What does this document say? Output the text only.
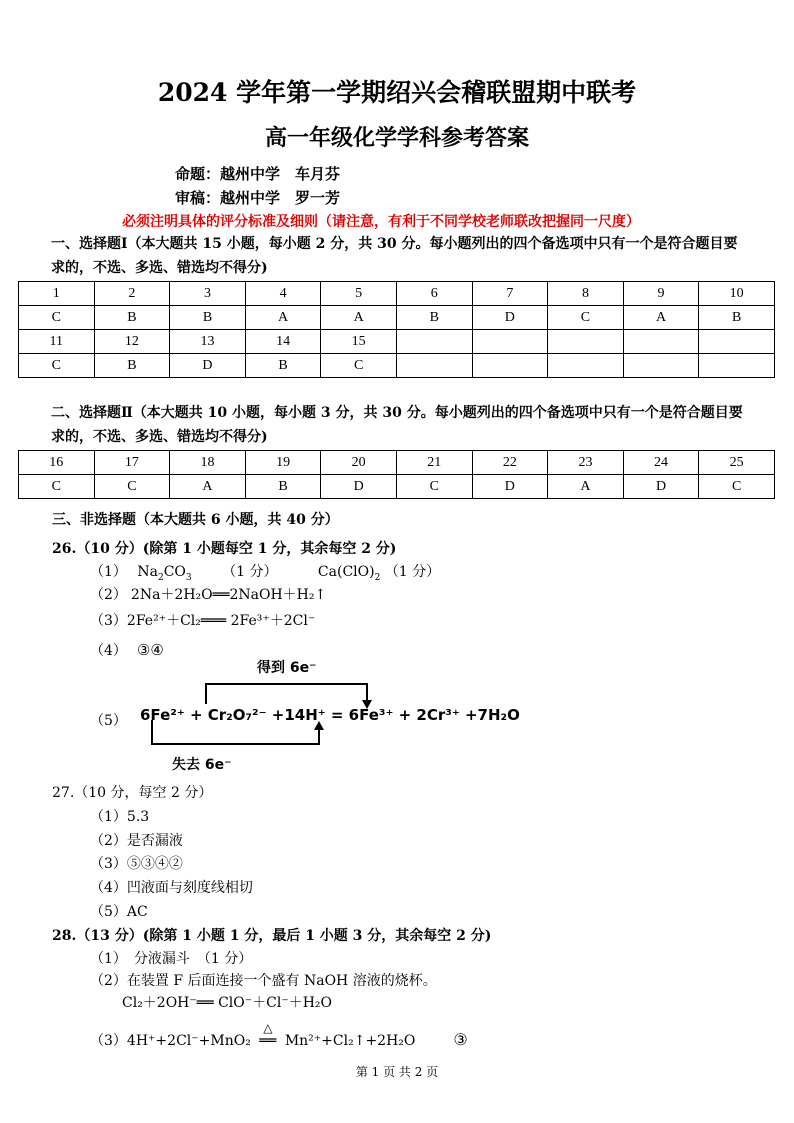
2024 学年第一学期绍兴会稽联盟期中联考
高一年级化学学科参考答案
命题：越州中学　车月芬
审稿：越州中学　罗一芳
必须注明具体的评分标准及细则（请注意，有利于不同学校老师联改把握同一尺度）
一、选择题Ⅰ（本大题共 15 小题，每小题 2 分，共 30 分。每小题列出的四个备选项中只有一个是符合题目要求的，不选、多选、错选均不得分)
1	2	3	4	5	6	7	8	9	10
C	B	B	A	A	B	D	C	A	B
11	12	13	14	15					
C	B	D	B	C					
二、选择题Ⅱ（本大题共 10 小题，每小题 3 分，共 30 分。每小题列出的四个备选项中只有一个是符合题目要求的，不选、多选、错选均不得分)
16	17	18	19	20	21	22	23	24	25
C	C	A	B	D	C	D	A	D	C
三、非选择题（本大题共 6 小题，共 40 分）
26.（10 分）(除第 1 小题每空 1 分，其余每空 2 分)
（1） $Na_2CO_3$ （1 分）	$Ca(ClO)_2$ （1 分）
（2） 2Na＋2H₂O══2NaOH＋H₂↑
（3）2Fe²⁺＋Cl₂═══ 2Fe³⁺＋2Cl⁻
（4） ③④
（5）
得到 6e⁻
6Fe²⁺ + Cr₂O₇²⁻ +14H⁺ = 6Fe³⁺ + 2Cr³⁺ +7H₂O
失去 6e⁻
27.（10 分，每空 2 分）
（1）5.3
（2）是否漏液
（3）⑤③④②
（4）凹液面与刻度线相切
（5）AC
28.（13 分）(除第 1 小题 1 分，最后 1 小题 3 分，其余每空 2 分)
（1）　分液漏斗　（1 分）
（2）在装置 F 后面连接一个盛有 NaOH 溶液的烧杯。
Cl₂＋2OH⁻══ ClO⁻＋Cl⁻＋H₂O
（3）4H⁺+2Cl⁻+MnO₂
△
══ Mn²⁺+Cl₂↑+2H₂O ③
第 1 页 共 2 页
